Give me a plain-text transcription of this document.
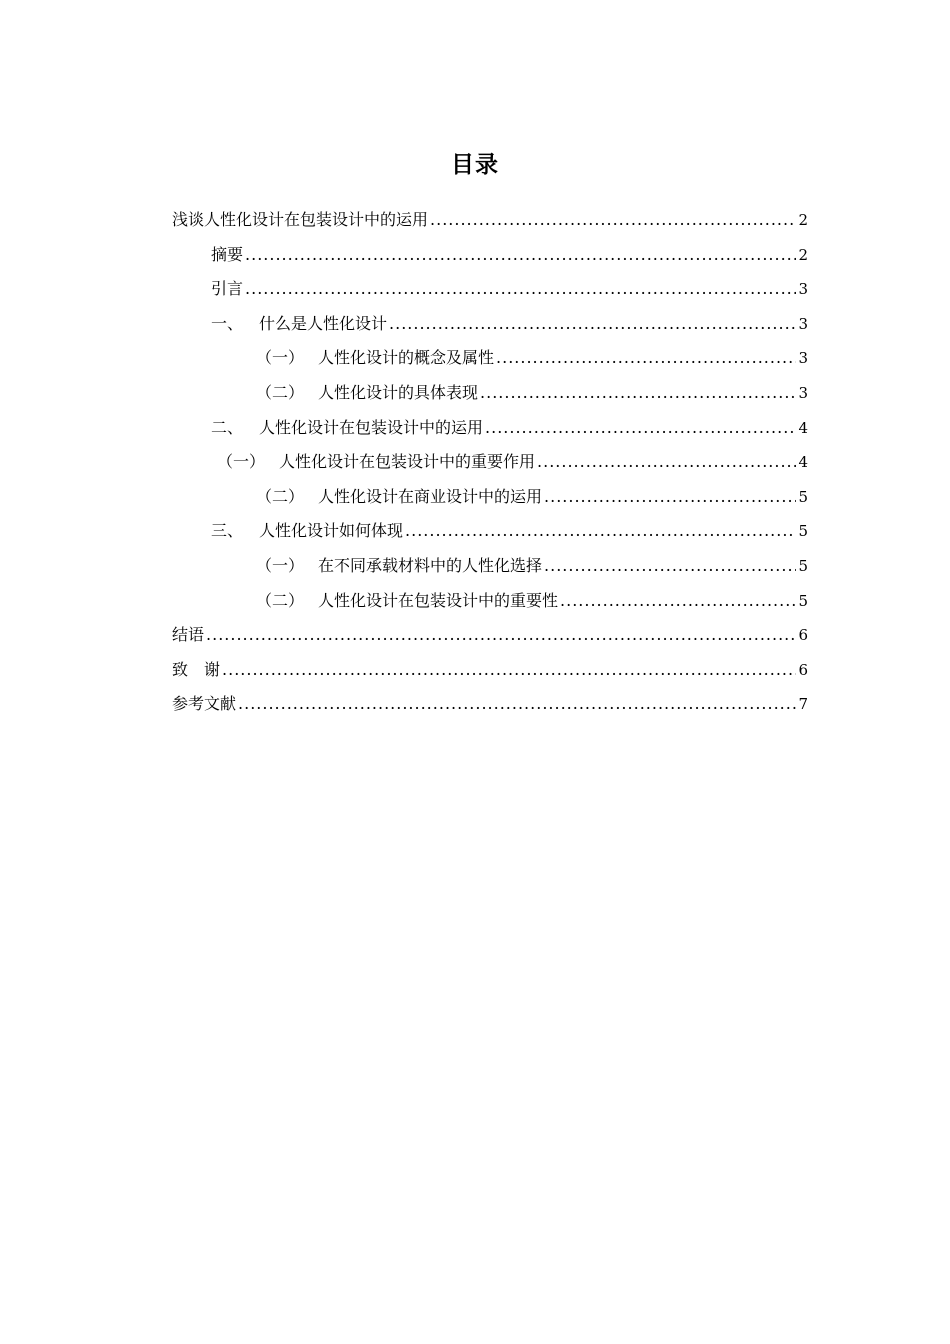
目录
浅谈人性化设计在包装设计中的运用 .....	2
摘要 .....	2
引言 .....	3
一、 什么是人性化设计 .....	3
（一） 人性化设计的概念及属性 .....	3
（二） 人性化设计的具体表现 .....	3
二、 人性化设计在包装设计中的运用 .....	4
（一） 人性化设计在包装设计中的重要作用 .....	4
（二） 人性化设计在商业设计中的运用 .....	5
三、 人性化设计如何体现 .....	5
（一） 在不同承载材料中的人性化选择 .....	5
（二） 人性化设计在包装设计中的重要性 .....	5
结语 .....	6
致　谢 .....	6
参考文献 .....	7
